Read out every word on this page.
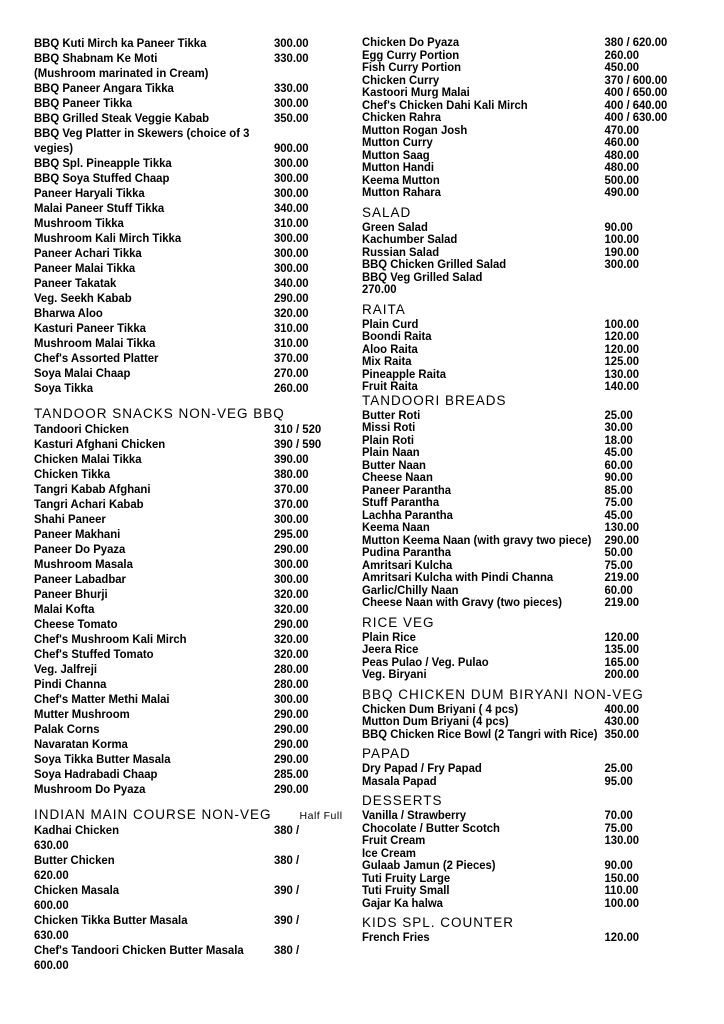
BBQ Kuti Mirch ka Paneer Tikka	300.00
BBQ Shabnam Ke Moti	330.00
(Mushroom marinated in Cream)
BBQ Paneer Angara Tikka	330.00
BBQ Paneer Tikka	300.00
BBQ Grilled Steak Veggie Kabab	350.00
BBQ Veg Platter in Skewers (choice of 3
vegies)	900.00
BBQ Spl. Pineapple Tikka	300.00
BBQ Soya Stuffed Chaap	300.00
Paneer Haryali Tikka	300.00
Malai Paneer Stuff Tikka	340.00
Mushroom Tikka	310.00
Mushroom Kali Mirch Tikka	300.00
Paneer Achari Tikka	300.00
Paneer Malai Tikka	300.00
Paneer Takatak	340.00
Veg. Seekh Kabab	290.00
Bharwa Aloo	320.00
Kasturi Paneer Tikka	310.00
Mushroom Malai Tikka	310.00
Chef's Assorted Platter	370.00
Soya Malai Chaap	270.00
Soya Tikka	260.00
TANDOOR SNACKS NON-VEG BBQ
Tandoori Chicken	310 / 520
Kasturi Afghani Chicken	390 / 590
Chicken Malai Tikka	390.00
Chicken Tikka	380.00
Tangri Kabab Afghani	370.00
Tangri Achari Kabab	370.00
Shahi Paneer	300.00
Paneer Makhani	295.00
Paneer Do Pyaza	290.00
Mushroom Masala	300.00
Paneer Labadbar	300.00
Paneer Bhurji	320.00
Malai Kofta	320.00
Cheese Tomato	290.00
Chef's Mushroom Kali Mirch	320.00
Chef's Stuffed Tomato	320.00
Veg. Jalfreji	280.00
Pindi Channa	280.00
Chef's Matter Methi Malai	300.00
Mutter Mushroom	290.00
Palak Corns	290.00
Navaratan Korma	290.00
Soya Tikka Butter Masala	290.00
Soya Hadrabadi Chaap	285.00
Mushroom Do Pyaza	290.00
INDIAN MAIN COURSE NON-VEG	Half Full
Kadhai Chicken	380 /
630.00
Butter Chicken	380 /
620.00
Chicken Masala	390 /
600.00
Chicken Tikka Butter Masala	390 /
630.00
Chef's Tandoori Chicken Butter Masala 380 /
600.00
Chicken Do Pyaza	380 / 620.00
Egg Curry Portion	260.00
Fish Curry Portion	450.00
Chicken Curry	370 / 600.00
Kastoori Murg Malai	400 / 650.00
Chef's Chicken Dahi Kali Mirch	400 / 640.00
Chicken Rahra	400 / 630.00
Mutton Rogan Josh	470.00
Mutton Curry	460.00
Mutton Saag	480.00
Mutton Handi	480.00
Keema Mutton	500.00
Mutton Rahara	490.00
SALAD
Green Salad	90.00
Kachumber Salad	100.00
Russian Salad	190.00
BBQ Chicken Grilled Salad	300.00
BBQ Veg Grilled Salad
270.00
RAITA
Plain Curd	100.00
Boondi Raita	120.00
Aloo Raita	120.00
Mix Raita	125.00
Pineapple Raita	130.00
Fruit Raita	140.00
TANDOORI BREADS
Butter Roti	25.00
Missi Roti	30.00
Plain Roti	18.00
Plain Naan	45.00
Butter Naan	60.00
Cheese Naan	90.00
Paneer Parantha	85.00
Stuff Parantha	75.00
Lachha Parantha	45.00
Keema Naan	130.00
Mutton Keema Naan (with gravy two piece) 290.00
Pudina Parantha	50.00
Amritsari Kulcha	75.00
Amritsari Kulcha with Pindi Channa	219.00
Garlic/Chilly Naan	60.00
Cheese Naan with Gravy (two pieces)	219.00
RICE VEG
Plain Rice	120.00
Jeera Rice	135.00
Peas Pulao / Veg. Pulao	165.00
Veg. Biryani	200.00
BBQ CHICKEN DUM BIRYANI NON-VEG
Chicken Dum Briyani ( 4 pcs)	400.00
Mutton Dum Briyani (4 pcs)	430.00
BBQ Chicken Rice Bowl (2 Tangri with Rice) 350.00
PAPAD
Dry Papad / Fry Papad	25.00
Masala Papad	95.00
DESSERTS
Vanilla / Strawberry	70.00
Chocolate / Butter Scotch	75.00
Fruit Cream	130.00
Ice Cream
Gulaab Jamun (2 Pieces)	90.00
Tuti Fruity Large	150.00
Tuti Fruity Small	110.00
Gajar Ka halwa	100.00
KIDS SPL. COUNTER
French Fries	120.00
